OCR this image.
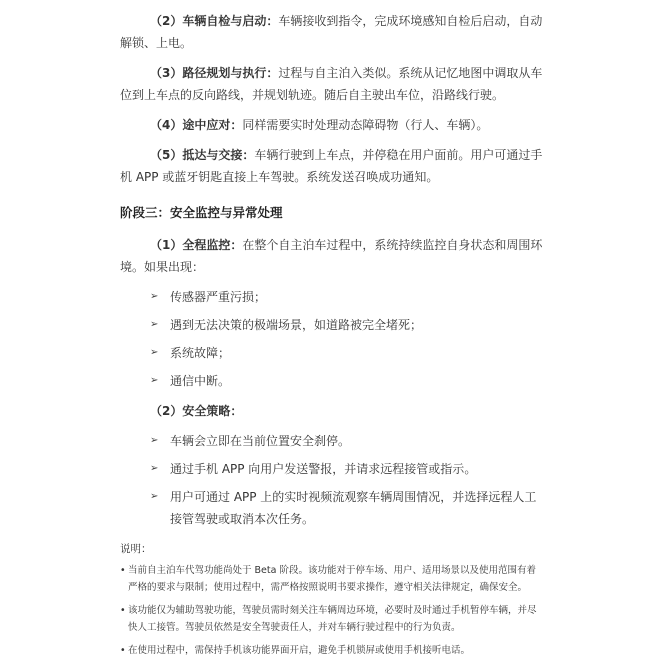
（2）车辆自检与启动：车辆接收到指令，完成环境感知自检后启动，自动解锁、上电。

（3）路径规划与执行：过程与自主泊入类似。系统从记忆地图中调取从车位到上车点的反向路线，并规划轨迹。随后自主驶出车位，沿路线行驶。

（4）途中应对：同样需要实时处理动态障碍物（行人、车辆）。

（5）抵达与交接：车辆行驶到上车点，并停稳在用户面前。用户可通过手机 APP 或蓝牙钥匙直接上车驾驶。系统发送召唤成功通知。

阶段三：安全监控与异常处理

（1）全程监控：在整个自主泊车过程中，系统持续监控自身状态和周围环境。如果出现：

➢ 传感器严重污损；
➢ 遇到无法决策的极端场景，如道路被完全堵死；
➢ 系统故障；
➢ 通信中断。
（2）安全策略：
➢ 车辆会立即在当前位置安全刹停。
➢ 通过手机 APP 向用户发送警报，并请求远程接管或指示。
➢ 用户可通过 APP 上的实时视频流观察车辆周围情况，并选择远程人工接管驾驶或取消本次任务。
说明：
• 当前自主泊车代驾功能尚处于 Beta 阶段。该功能对于停车场、用户、适用场景以及使用范围有着严格的要求与限制；使用过程中，需严格按照说明书要求操作，遵守相关法律规定，确保安全。
• 该功能仅为辅助驾驶功能，驾驶员需时刻关注车辆周边环境，必要时及时通过手机暂停车辆，并尽快人工接管。驾驶员依然是安全驾驶责任人，并对车辆行驶过程中的行为负责。
• 在使用过程中，需保持手机该功能界面开启，避免手机锁屏或使用手机接听电话。
